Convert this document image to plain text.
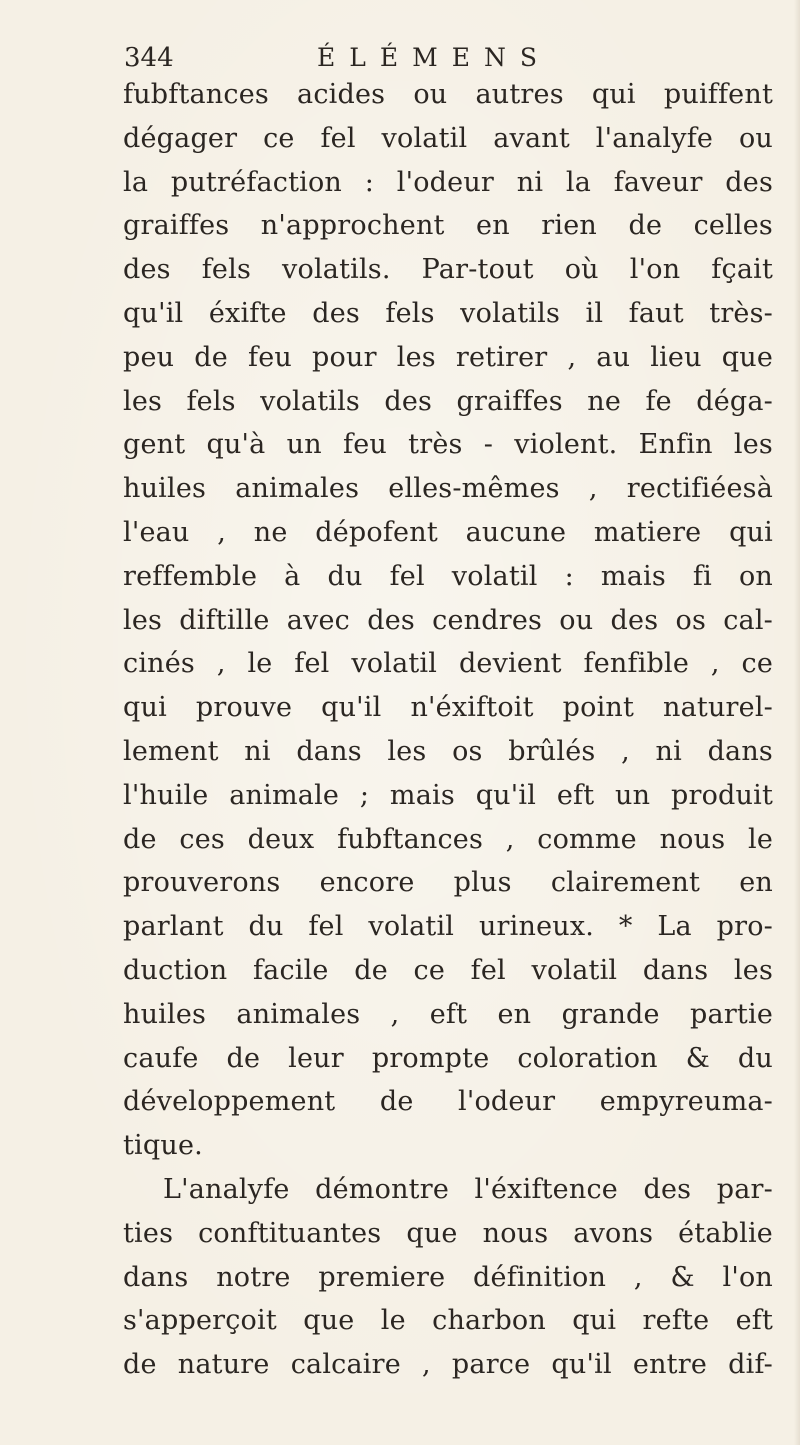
344	ÉLÉMENS
fubftances acides ou autres qui puiffent
dégager ce fel volatil avant l'analyfe ou
la putréfaction : l'odeur ni la faveur des
graiffes n'approchent en rien de celles
des fels volatils. Par-tout où l'on fçait
qu'il éxifte des fels volatils il faut très-
peu de feu pour les retirer , au lieu que
les fels volatils des graiffes ne fe déga-
gent qu'à un feu très - violent. Enfin les
huiles animales elles-mêmes , rectifiéesà
l'eau , ne dépofent aucune matiere qui
reffemble à du fel volatil : mais fi on
les diftille avec des cendres ou des os cal-
cinés , le fel volatil devient fenfible , ce
qui prouve qu'il n'éxiftoit point naturel-
lement ni dans les os brûlés , ni dans
l'huile animale ; mais qu'il eft un produit
de ces deux fubftances , comme nous le
prouverons encore plus clairement en
parlant du fel volatil urineux. * La pro-
duction facile de ce fel volatil dans les
huiles animales , eft en grande partie
caufe de leur prompte coloration & du
développement de l'odeur empyreuma-
tique.
L'analyfe démontre l'éxiftence des par-
ties conftituantes que nous avons établie
dans notre premiere définition , & l'on
s'apperçoit que le charbon qui refte eft
de nature calcaire , parce qu'il entre dif-
